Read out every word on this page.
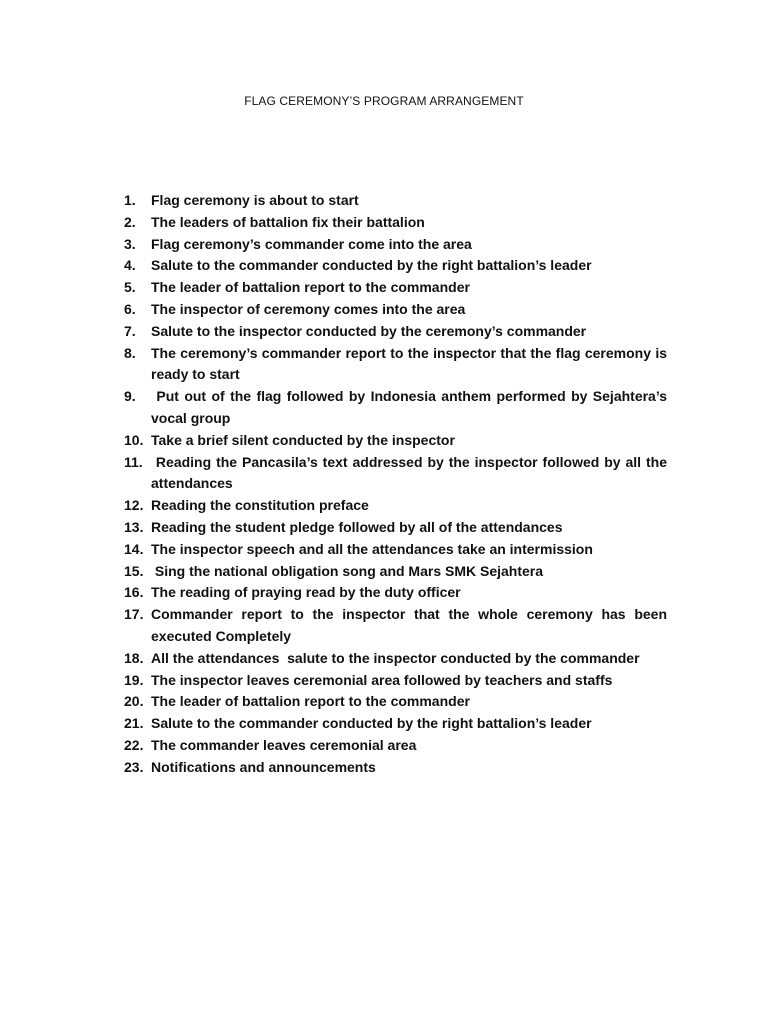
FLAG CEREMONY’S PROGRAM ARRANGEMENT
1.	Flag ceremony is about to start
2.	The leaders of battalion fix their battalion
3.	Flag ceremony’s commander come into the area
4.	Salute to the commander conducted by the right battalion’s leader
5.	The leader of battalion report to the commander
6.	The inspector of ceremony comes into the area
7.	Salute to the inspector conducted by the ceremony’s commander
8.	The ceremony’s commander report to the inspector that the flag ceremony is ready to start
9.	Put out of the flag followed by Indonesia anthem performed by Sejahtera’s vocal group
10. Take a brief silent conducted by the inspector
11. Reading the Pancasila’s text addressed by the inspector followed by all the attendances
12. Reading the constitution preface
13. Reading the student pledge followed by all of the attendances
14. The inspector speech and all the attendances take an intermission
15. Sing the national obligation song and Mars SMK Sejahtera
16. The reading of praying read by the duty officer
17. Commander report to the inspector that the whole ceremony has been executed Completely
18. All the attendances  salute to the inspector conducted by the commander
19. The inspector leaves ceremonial area followed by teachers and staffs
20. The leader of battalion report to the commander
21. Salute to the commander conducted by the right battalion’s leader
22. The commander leaves ceremonial area
23. Notifications and announcements
